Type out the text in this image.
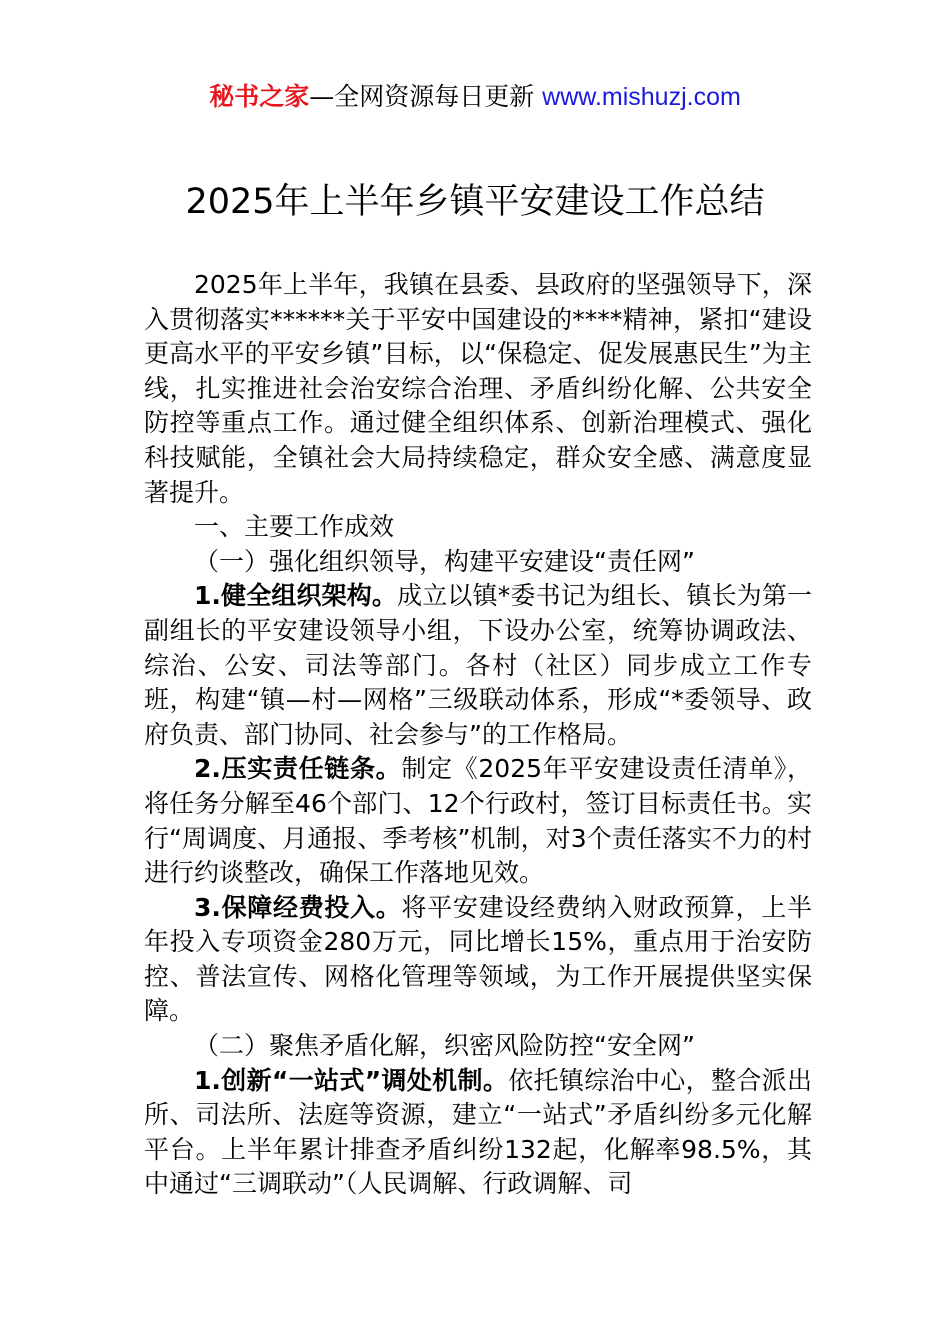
秘书之家—全网资源每日更新 www.mishuzj.com
2025年上半年乡镇平安建设工作总结

2025年上半年，我镇在县委、县政府的坚强领导下，深入贯彻落实******关于平安中国建设的****精神，紧扣“建设更高水平的平安乡镇”目标，以“保稳定、促发展惠民生”为主线，扎实推进社会治安综合治理、矛盾纠纷化解、公共安全防控等重点工作。通过健全组织体系、创新治理模式、强化科技赋能，全镇社会大局持续稳定，群众安全感、满意度显著提升。

一、主要工作成效

（一）强化组织领导，构建平安建设“责任网”

1.健全组织架构。成立以镇*委书记为组长、镇长为第一副组长的平安建设领导小组，下设办公室，统筹协调政法、综治、公安、司法等部门。各村（社区）同步成立工作专班，构建“镇—村—网格”三级联动体系，形成“*委领导、政府负责、部门协同、社会参与”的工作格局。

2.压实责任链条。制定《2025年平安建设责任清单》，将任务分解至46个部门、12个行政村，签订目标责任书。实行“周调度、月通报、季考核”机制，对3个责任落实不力的村进行约谈整改，确保工作落地见效。

3.保障经费投入。将平安建设经费纳入财政预算，上半年投入专项资金280万元，同比增长15%，重点用于治安防控、普法宣传、网格化管理等领域，为工作开展提供坚实保障。

（二）聚焦矛盾化解，织密风险防控“安全网”

1.创新“一站式”调处机制。依托镇综治中心，整合派出所、司法所、法庭等资源，建立“一站式”矛盾纠纷多元化解平台。上半年累计排查矛盾纠纷132起，化解率98.5%，其中通过“三调联动”（人民调解、行政调解、司
